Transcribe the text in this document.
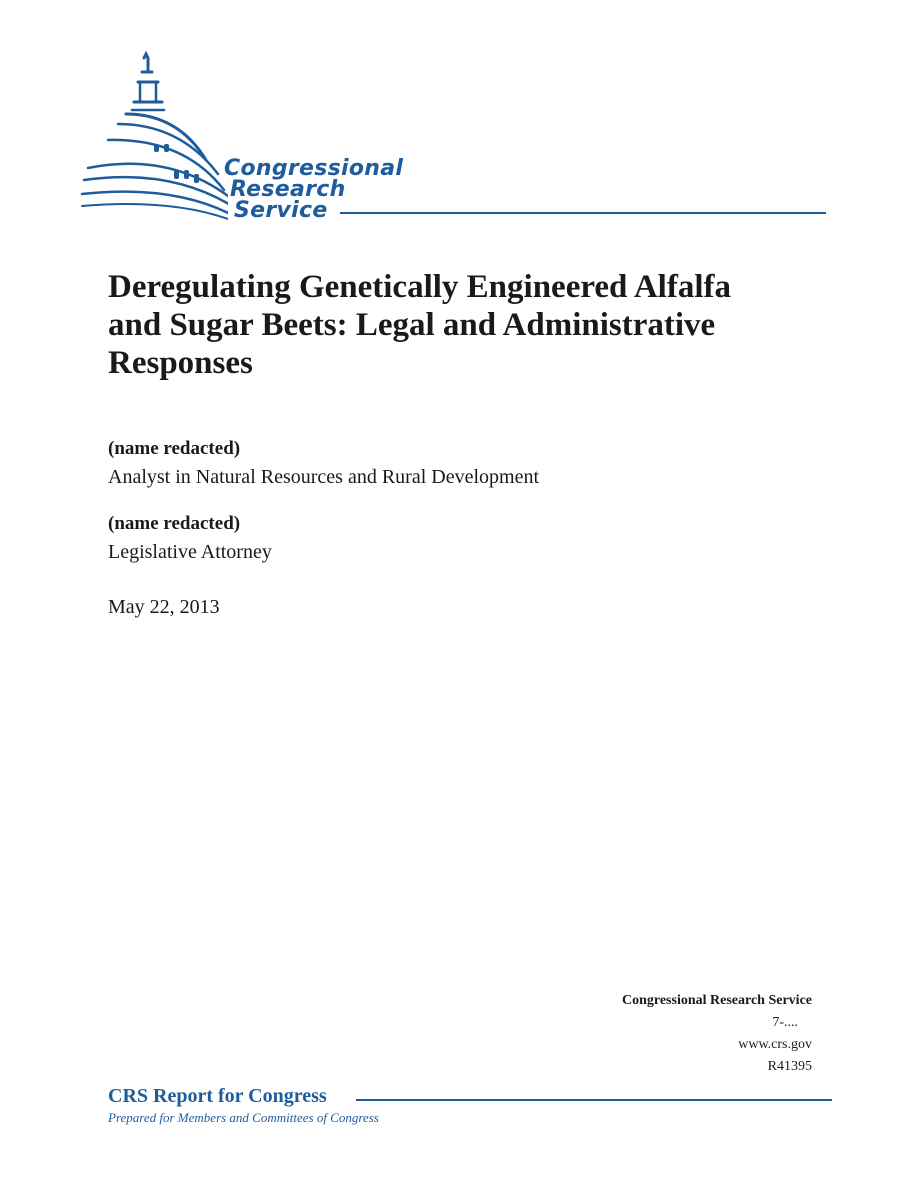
Congressional
Research
Service
Deregulating Genetically Engineered Alfalfa and Sugar Beets: Legal and Administrative Responses
(name redacted)
Analyst in Natural Resources and Rural Development
(name redacted)
Legislative Attorney
May 22, 2013
Congressional Research Service
7-....
www.crs.gov
R41395
CRS Report for Congress
Prepared for Members and Committees of Congress
